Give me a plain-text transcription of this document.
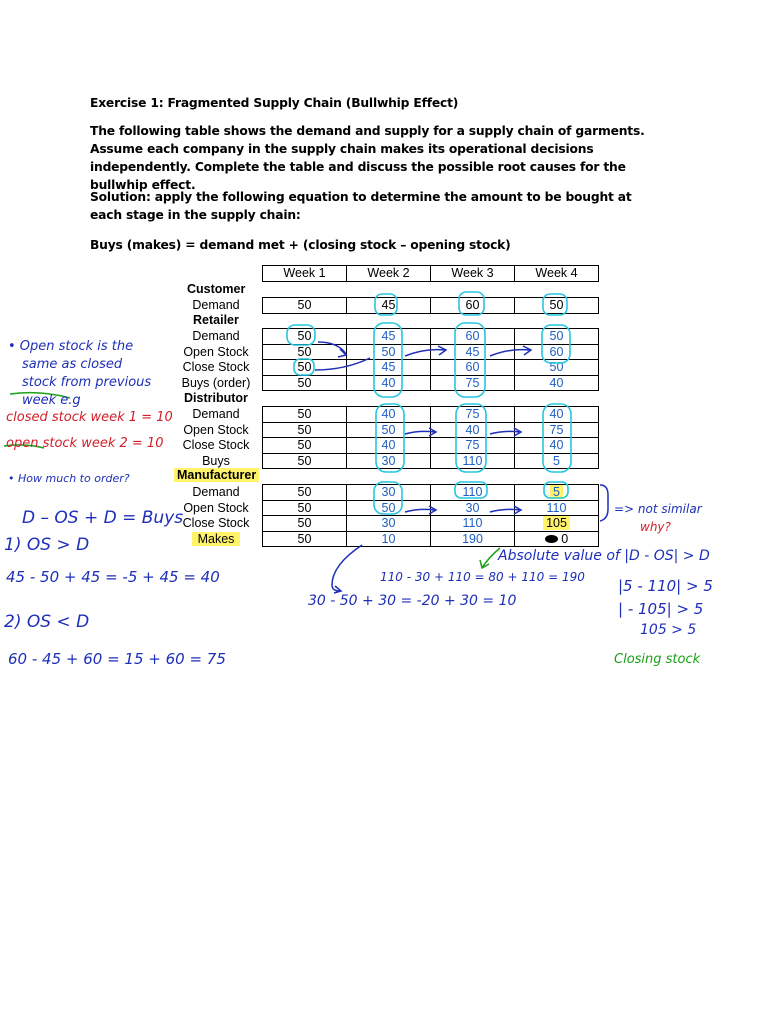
Exercise 1: Fragmented Supply Chain (Bullwhip Effect)
The following table shows the demand and supply for a supply chain of garments. Assume each company in the supply chain makes its operational decisions independently. Complete the table and discuss the possible root causes for the bullwhip effect.
Solution: apply the following equation to determine the amount to be bought at each stage in the supply chain:
Buys (makes) = demand met + (closing stock – opening stock)
	Week 1	Week 2	Week 3	Week 4
Customer
Demand	50	45	60	50
Retailer
Demand	50	45	60	50
Open Stock	50	50	45	60
Close Stock	50	45	60	50
Buys (order)	50	40	75	40
Distributor
Demand	50	40	75	40
Open Stock	50	50	40	75
Close Stock	50	40	75	40
Buys	50	30	110	5
Manufacturer
Demand	50	30	110	5
Open Stock	50	50	30	110
Close Stock	50	30	110	105
Makes	50	10	190	0
• Open stock is the
same as closed
stock from previous
week e.g
closed stock week 1 = 10
open stock week 2 = 10
• How much to order?
D – OS + D = Buys
1) OS > D
45 - 50 + 45 = -5 + 45 = 40
2) OS < D
60 - 45 + 60 = 15 + 60 = 75
30 - 50 + 30 = -20 + 30 = 10
110 - 30 + 110 = 80 + 110 = 190
=> not similar
why?
Absolute value of |D - OS| > D
|5 - 110| > 5
| - 105| > 5
105 > 5
Closing stock
